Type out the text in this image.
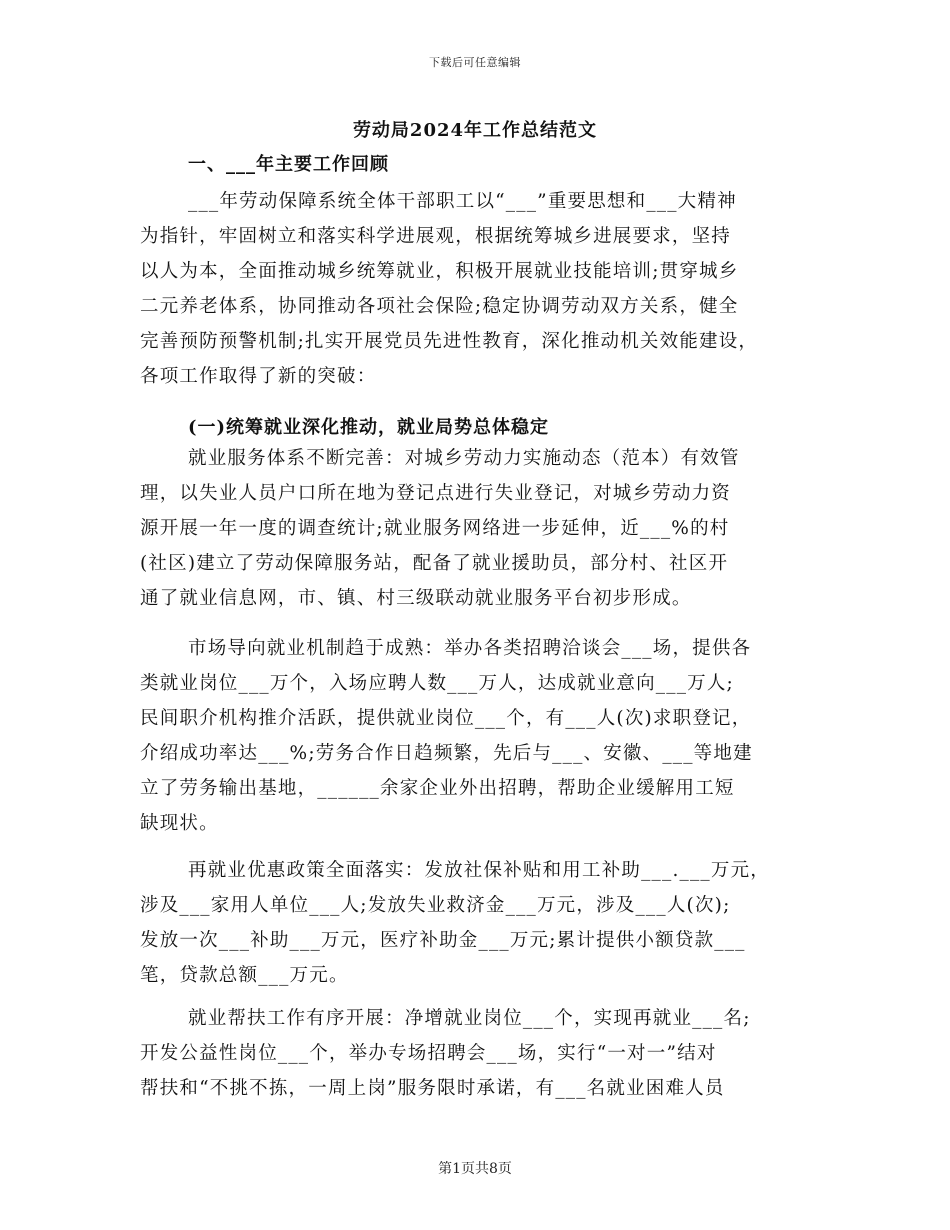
下载后可任意编辑
劳动局2024年工作总结范文
一、___年主要工作回顾
___年劳动保障系统全体干部职工以“___”重要思想和___大精神
为指针，牢固树立和落实科学进展观，根据统筹城乡进展要求，坚持
以人为本，全面推动城乡统筹就业，积极开展就业技能培训;贯穿城乡
二元养老体系，协同推动各项社会保险;稳定协调劳动双方关系，健全
完善预防预警机制;扎实开展党员先进性教育，深化推动机关效能建设，
各项工作取得了新的突破：
(一)统筹就业深化推动，就业局势总体稳定
就业服务体系不断完善：对城乡劳动力实施动态（范本）有效管
理，以失业人员户口所在地为登记点进行失业登记，对城乡劳动力资
源开展一年一度的调查统计;就业服务网络进一步延伸，近___%的村
(社区)建立了劳动保障服务站，配备了就业援助员，部分村、社区开
通了就业信息网，市、镇、村三级联动就业服务平台初步形成。
市场导向就业机制趋于成熟：举办各类招聘洽谈会___场，提供各
类就业岗位___万个，入场应聘人数___万人，达成就业意向___万人;
民间职介机构推介活跃，提供就业岗位___个，有___人(次)求职登记，
介绍成功率达___%;劳务合作日趋频繁，先后与___、安徽、___等地建
立了劳务输出基地，______余家企业外出招聘，帮助企业缓解用工短
缺现状。
再就业优惠政策全面落实：发放社保补贴和用工补助___.___万元，
涉及___家用人单位___人;发放失业救济金___万元，涉及___人(次);
发放一次___补助___万元，医疗补助金___万元;累计提供小额贷款___
笔，贷款总额___万元。
就业帮扶工作有序开展：净增就业岗位___个，实现再就业___名;
开发公益性岗位___个，举办专场招聘会___场，实行“一对一”结对
帮扶和“不挑不拣，一周上岗”服务限时承诺，有___名就业困难人员
第1页共8页
